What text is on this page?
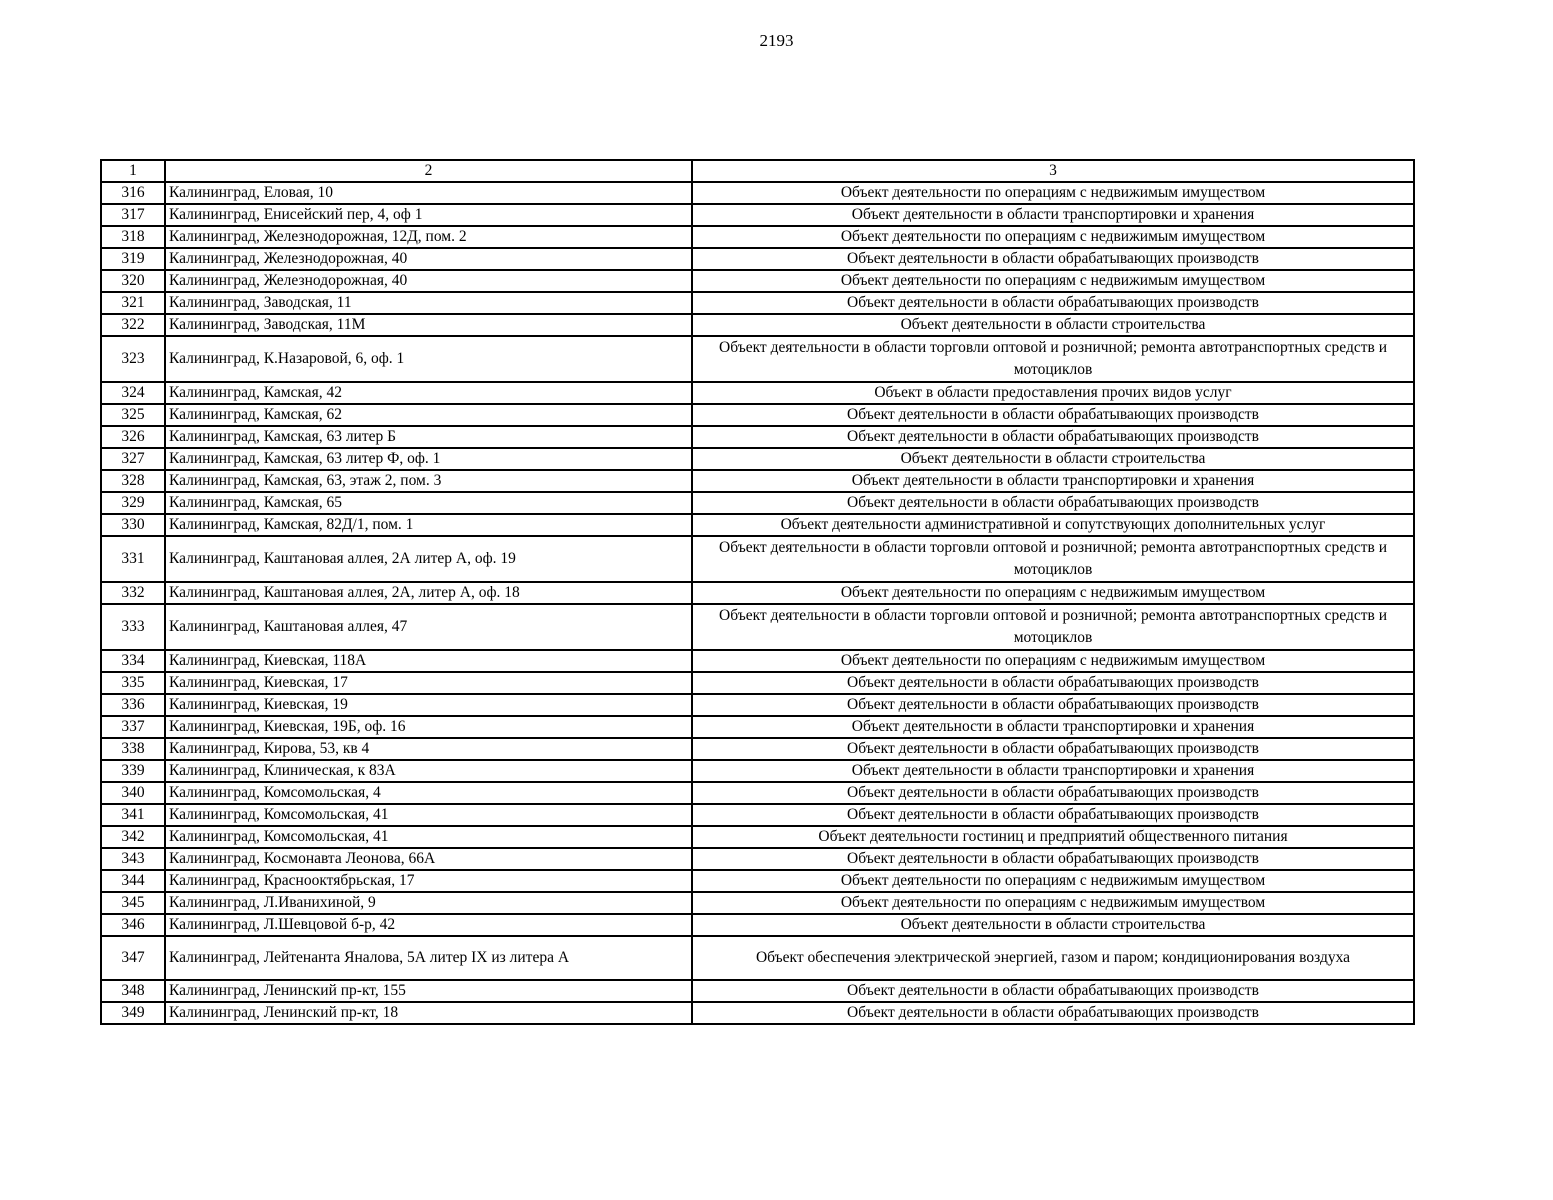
2193
1	2	3
316	Калининград, Еловая, 10	Объект деятельности по операциям с недвижимым имуществом
317	Калининград, Енисейский пер, 4, оф 1	Объект деятельности в области транспортировки и хранения
318	Калининград, Железнодорожная, 12Д, пом. 2	Объект деятельности по операциям с недвижимым имуществом
319	Калининград, Железнодорожная, 40	Объект деятельности в области обрабатывающих производств
320	Калининград, Железнодорожная, 40	Объект деятельности по операциям с недвижимым имуществом
321	Калининград, Заводская, 11	Объект деятельности в области обрабатывающих производств
322	Калининград, Заводская, 11М	Объект деятельности в области строительства
323	Калининград, К.Назаровой, 6, оф. 1	Объект деятельности в области торговли оптовой и розничной; ремонта автотранспортных средств и мотоциклов
324	Калининград, Камская, 42	Объект в области предоставления прочих видов услуг
325	Калининград, Камская, 62	Объект деятельности в области обрабатывающих производств
326	Калининград, Камская, 63 литер Б	Объект деятельности в области обрабатывающих производств
327	Калининград, Камская, 63 литер Ф, оф. 1	Объект деятельности в области строительства
328	Калининград, Камская, 63, этаж 2, пом. 3	Объект деятельности в области транспортировки и хранения
329	Калининград, Камская, 65	Объект деятельности в области обрабатывающих производств
330	Калининград, Камская, 82Д/1, пом. 1	Объект деятельности административной и сопутствующих дополнительных услуг
331	Калининград, Каштановая аллея, 2А литер А, оф. 19	Объект деятельности в области торговли оптовой и розничной; ремонта автотранспортных средств и мотоциклов
332	Калининград, Каштановая аллея, 2А, литер А, оф. 18	Объект деятельности по операциям с недвижимым имуществом
333	Калининград, Каштановая аллея, 47	Объект деятельности в области торговли оптовой и розничной; ремонта автотранспортных средств и мотоциклов
334	Калининград, Киевская, 118А	Объект деятельности по операциям с недвижимым имуществом
335	Калининград, Киевская, 17	Объект деятельности в области обрабатывающих производств
336	Калининград, Киевская, 19	Объект деятельности в области обрабатывающих производств
337	Калининград, Киевская, 19Б, оф. 16	Объект деятельности в области транспортировки и хранения
338	Калининград, Кирова, 53, кв 4	Объект деятельности в области обрабатывающих производств
339	Калининград, Клиническая, к 83А	Объект деятельности в области транспортировки и хранения
340	Калининград, Комсомольская, 4	Объект деятельности в области обрабатывающих производств
341	Калининград, Комсомольская, 41	Объект деятельности в области обрабатывающих производств
342	Калининград, Комсомольская, 41	Объект деятельности гостиниц и предприятий общественного питания
343	Калининград, Космонавта Леонова, 66А	Объект деятельности в области обрабатывающих производств
344	Калининград, Краснооктябрьская, 17	Объект деятельности по операциям с недвижимым имуществом
345	Калининград, Л.Иванихиной, 9	Объект деятельности по операциям с недвижимым имуществом
346	Калининград, Л.Шевцовой б-р, 42	Объект деятельности в области строительства
347	Калининград, Лейтенанта Яналова, 5А литер IX из литера А	Объект обеспечения электрической энергией, газом и паром; кондиционирования воздуха
348	Калининград, Ленинский пр-кт, 155	Объект деятельности в области обрабатывающих производств
349	Калининград, Ленинский пр-кт, 18	Объект деятельности в области обрабатывающих производств
